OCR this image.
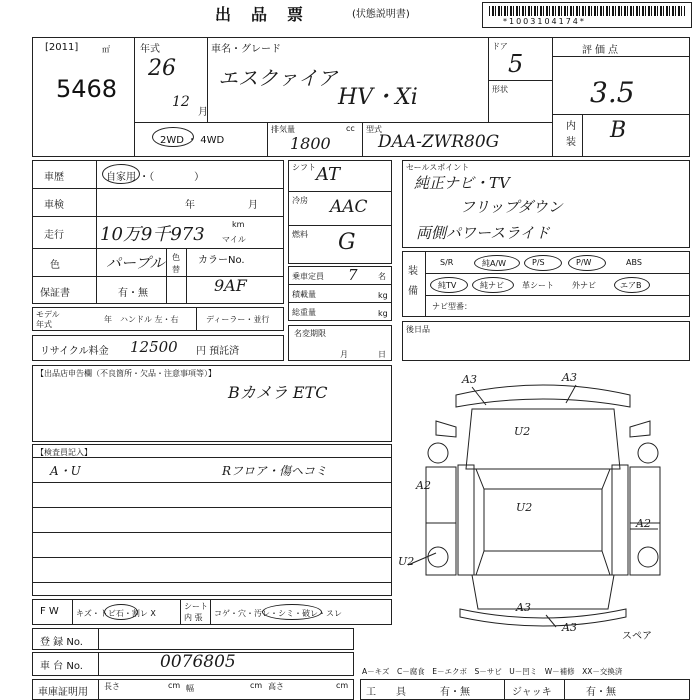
出　品　票	(状態説明書)
*1003104174*
[2011]	㎡
5468
年式
26
12
月
車名・グレード
エスクァイア
HV・Xi
ドア
5
形状
評価点
3.5
内
装 B
2WD ・ 4WD
排気量
1800
cc 型式
DAA-ZWR80G
車歴	自家用 ・（　　　　）
車検	年	月
走行 10万9千973	km
マイル
色	パープル 色
替
カラーNo.
9AF
保証書	有・無
モデル
年式
年 ハンドル 左・右	ディーラー・並行
リサイクル料金 12500 円 預託済
シフト AT
冷房 AAC
燃料 G
乗車定員 7	名
積載量	kg
総重量	kg
名変期限
月	日
セールスポイント
純正ナビ・TV
フリップダウン
両側パワースライド
装
備
S/R	純A/W	P/S	P/W	ABS
純TV	純ナビ 革シート 外ナビ	エアB
ナビ型番：
後日品
【出品店申告欄（不良箇所・欠品・注意事項等）】
Bカメラ ETC
【検査員記入】
A・U	Rフロア・傷ヘコミ
A3	A3
A2
U2
A2
U2
U2
A3
A3
スペア
F W キズ・トビ石・割レ X
シート
内 張 コゲ・穴・汚レ・シミ・破レ・スレ
登 録 No.
車 台 No.	0076805	A－キズ　C－腐食　E－エクボ　S－サビ　U－凹ミ　W－補修　XX－交換済
車庫証明用
長さ	cm 幅	cm 高さ	cm
工　　具	有・無	ジャッキ	有・無
